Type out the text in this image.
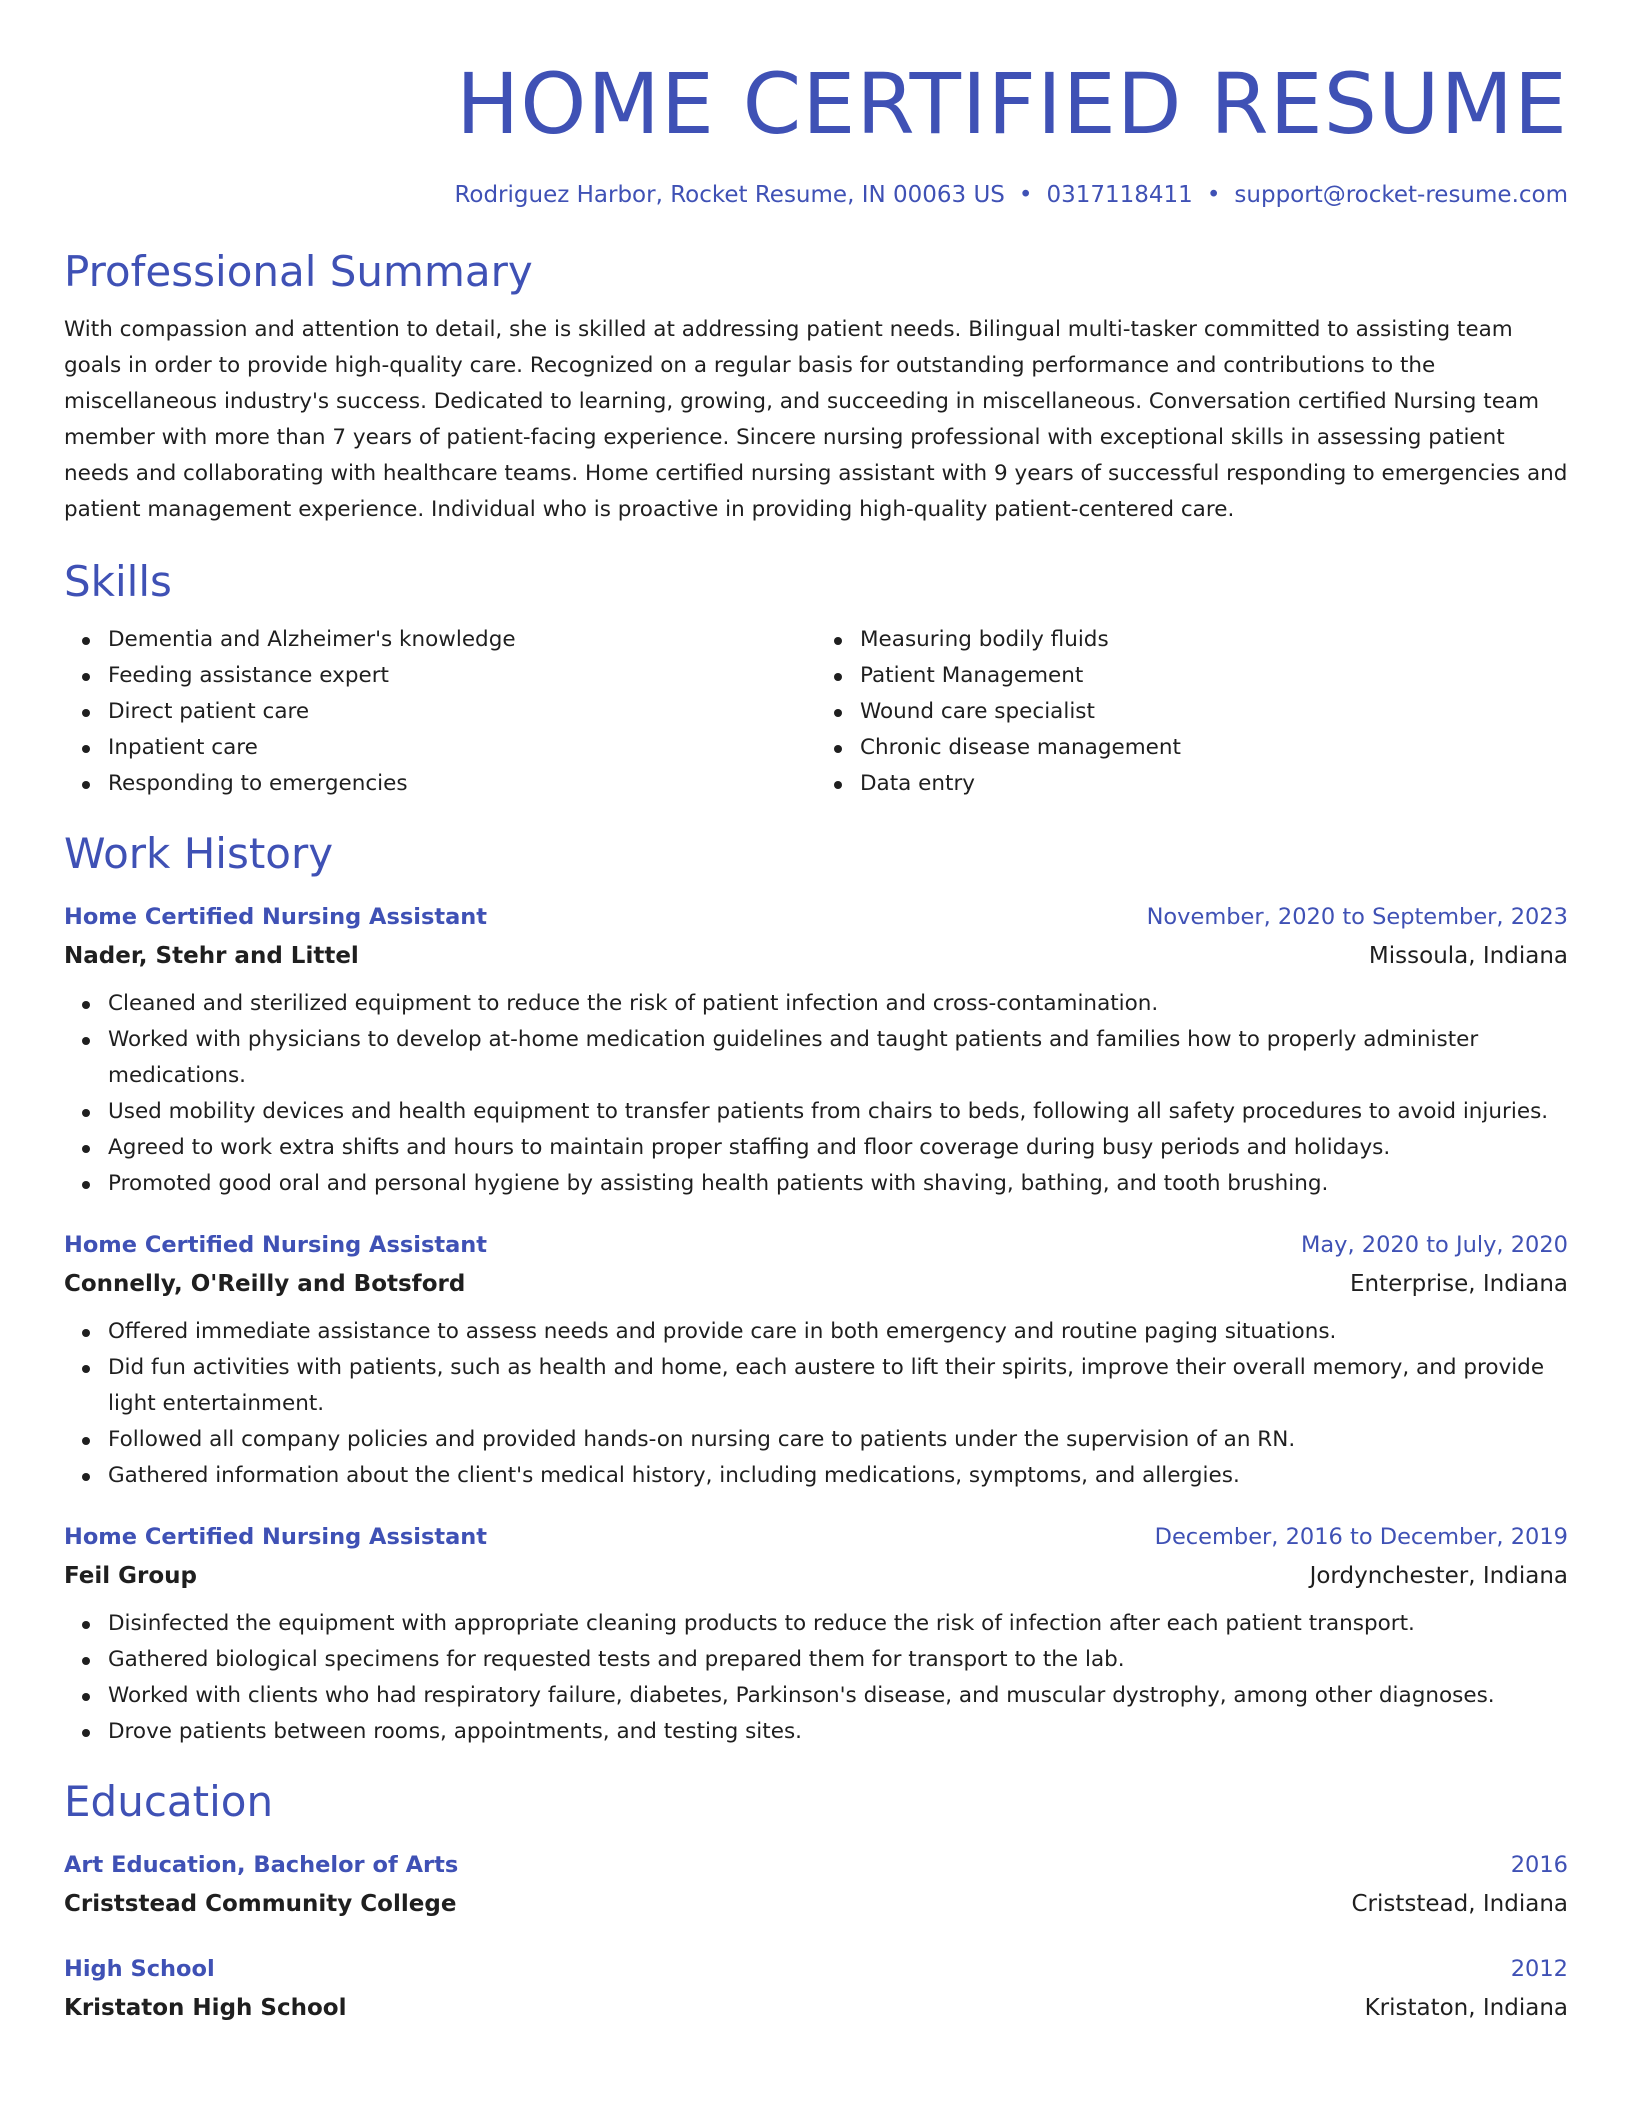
HOME CERTIFIED RESUME
Rodriguez Harbor, Rocket Resume, IN 00063 US • 0317118411 • support@rocket-resume.com
Professional Summary

With compassion and attention to detail, she is skilled at addressing patient needs. Bilingual multi-tasker committed to assisting team goals in order to provide high-quality care. Recognized on a regular basis for outstanding performance and contributions to the miscellaneous industry's success. Dedicated to learning, growing, and succeeding in miscellaneous. Conversation certified Nursing team member with more than 7 years of patient-facing experience. Sincere nursing professional with exceptional skills in assessing patient needs and collaborating with healthcare teams. Home certified nursing assistant with 9 years of successful responding to emergencies and patient management experience. Individual who is proactive in providing high-quality patient-centered care.

Skills
Dementia and Alzheimer's knowledge
Feeding assistance expert
Direct patient care
Inpatient care
Responding to emergencies
Measuring bodily fluids
Patient Management
Wound care specialist
Chronic disease management
Data entry
Work History
Home Certified Nursing Assistant	November, 2020 to September, 2023
Nader, Stehr and Littel	Missoula, Indiana
Cleaned and sterilized equipment to reduce the risk of patient infection and cross-contamination.
Worked with physicians to develop at-home medication guidelines and taught patients and families how to properly administer medications.
Used mobility devices and health equipment to transfer patients from chairs to beds, following all safety procedures to avoid injuries.
Agreed to work extra shifts and hours to maintain proper staffing and floor coverage during busy periods and holidays.
Promoted good oral and personal hygiene by assisting health patients with shaving, bathing, and tooth brushing.
Home Certified Nursing Assistant	May, 2020 to July, 2020
Connelly, O'Reilly and Botsford	Enterprise, Indiana
Offered immediate assistance to assess needs and provide care in both emergency and routine paging situations.
Did fun activities with patients, such as health and home, each austere to lift their spirits, improve their overall memory, and provide light entertainment.
Followed all company policies and provided hands-on nursing care to patients under the supervision of an RN.
Gathered information about the client's medical history, including medications, symptoms, and allergies.
Home Certified Nursing Assistant	December, 2016 to December, 2019
Feil Group	Jordynchester, Indiana
Disinfected the equipment with appropriate cleaning products to reduce the risk of infection after each patient transport.
Gathered biological specimens for requested tests and prepared them for transport to the lab.
Worked with clients who had respiratory failure, diabetes, Parkinson's disease, and muscular dystrophy, among other diagnoses.
Drove patients between rooms, appointments, and testing sites.
Education
Art Education, Bachelor of Arts	2016
Criststead Community College	Criststead, Indiana
High School	2012
Kristaton High School	Kristaton, Indiana
